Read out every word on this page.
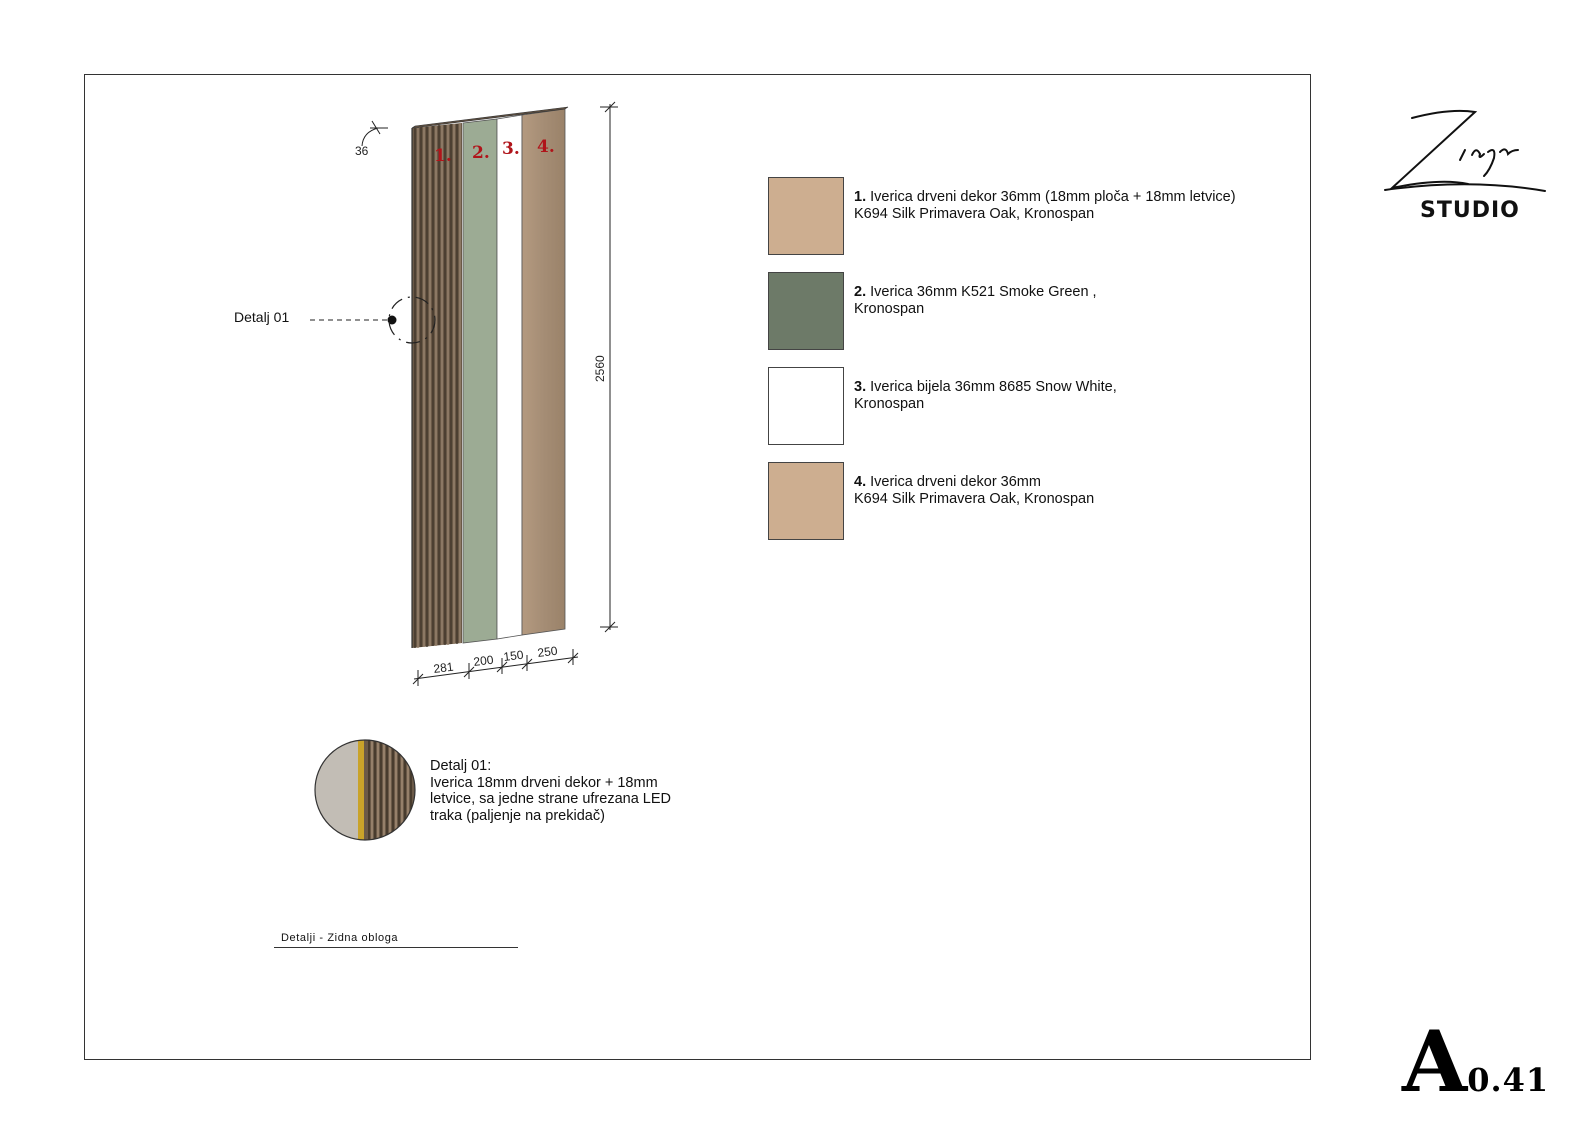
1. 2. 3. 4.
36
2560
281 200 150 250
Detalj 01
1. Iverica drveni dekor 36mm (18mm ploča + 18mm letvice)
K694 Silk Primavera Oak, Kronospan
2. Iverica 36mm K521 Smoke Green ,
Kronospan
3. Iverica bijela 36mm 8685 Snow White,
Kronospan
4. Iverica drveni dekor 36mm
K694 Silk Primavera Oak, Kronospan
Detalj 01:
Iverica 18mm drveni dekor + 18mm
letvice, sa jedne strane ufrezana LED
traka (paljenje na prekidač)
Detalji - Zidna obloga
STUDIO
A0.41
